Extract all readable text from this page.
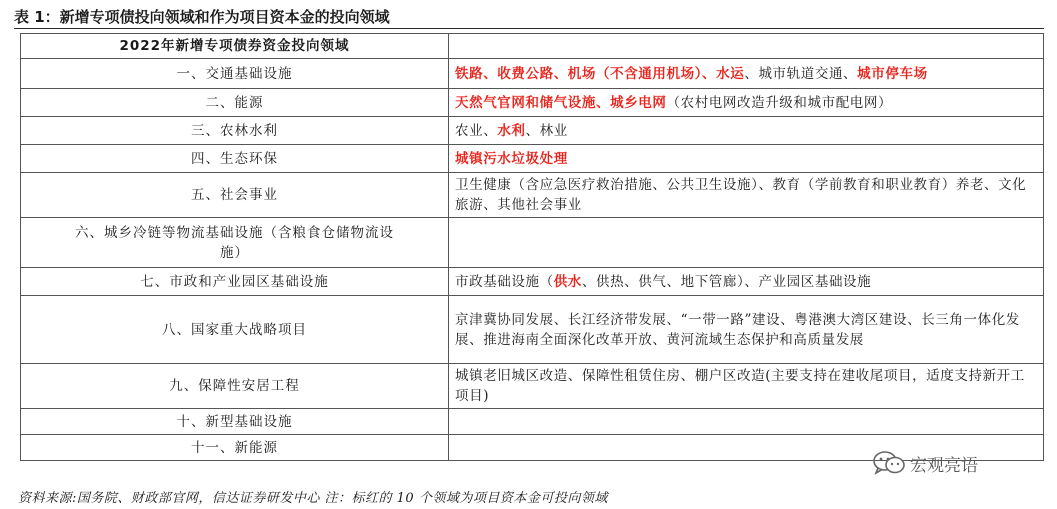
表 1：新增专项债投向领域和作为项目资本金的投向领域
2022年新增专项债券资金投向领域	
一、交通基础设施	铁路、收费公路、机场（不含通用机场）、水运、城市轨道交通、城市停车场
二、能源	天然气官网和储气设施、城乡电网（农村电网改造升级和城市配电网）
三、农林水利	农业、水利、林业
四、生态环保	城镇污水垃圾处理
五、社会事业	卫生健康（含应急医疗救治措施、公共卫生设施）、教育（学前教育和职业教育）养老、文化旅游、其他社会事业
六、城乡冷链等物流基础设施（含粮食仓储物流设施）	
七、市政和产业园区基础设施	市政基础设施（供水、供热、供气、地下管廊）、产业园区基础设施
八、国家重大战略项目	京津冀协同发展、长江经济带发展、“一带一路”建设、粤港澳大湾区建设、长三角一体化发展、推进海南全面深化改革开放、黄河流域生态保护和高质量发展
九、保障性安居工程	城镇老旧城区改造、保障性租赁住房、棚户区改造(主要支持在建收尾项目，适度支持新开工项目)
十、新型基础设施	
十一、新能源	
宏观亮语
资料来源:国务院、财政部官网，信达证券研发中心 注：标红的 10 个领域为项目资本金可投向领域
